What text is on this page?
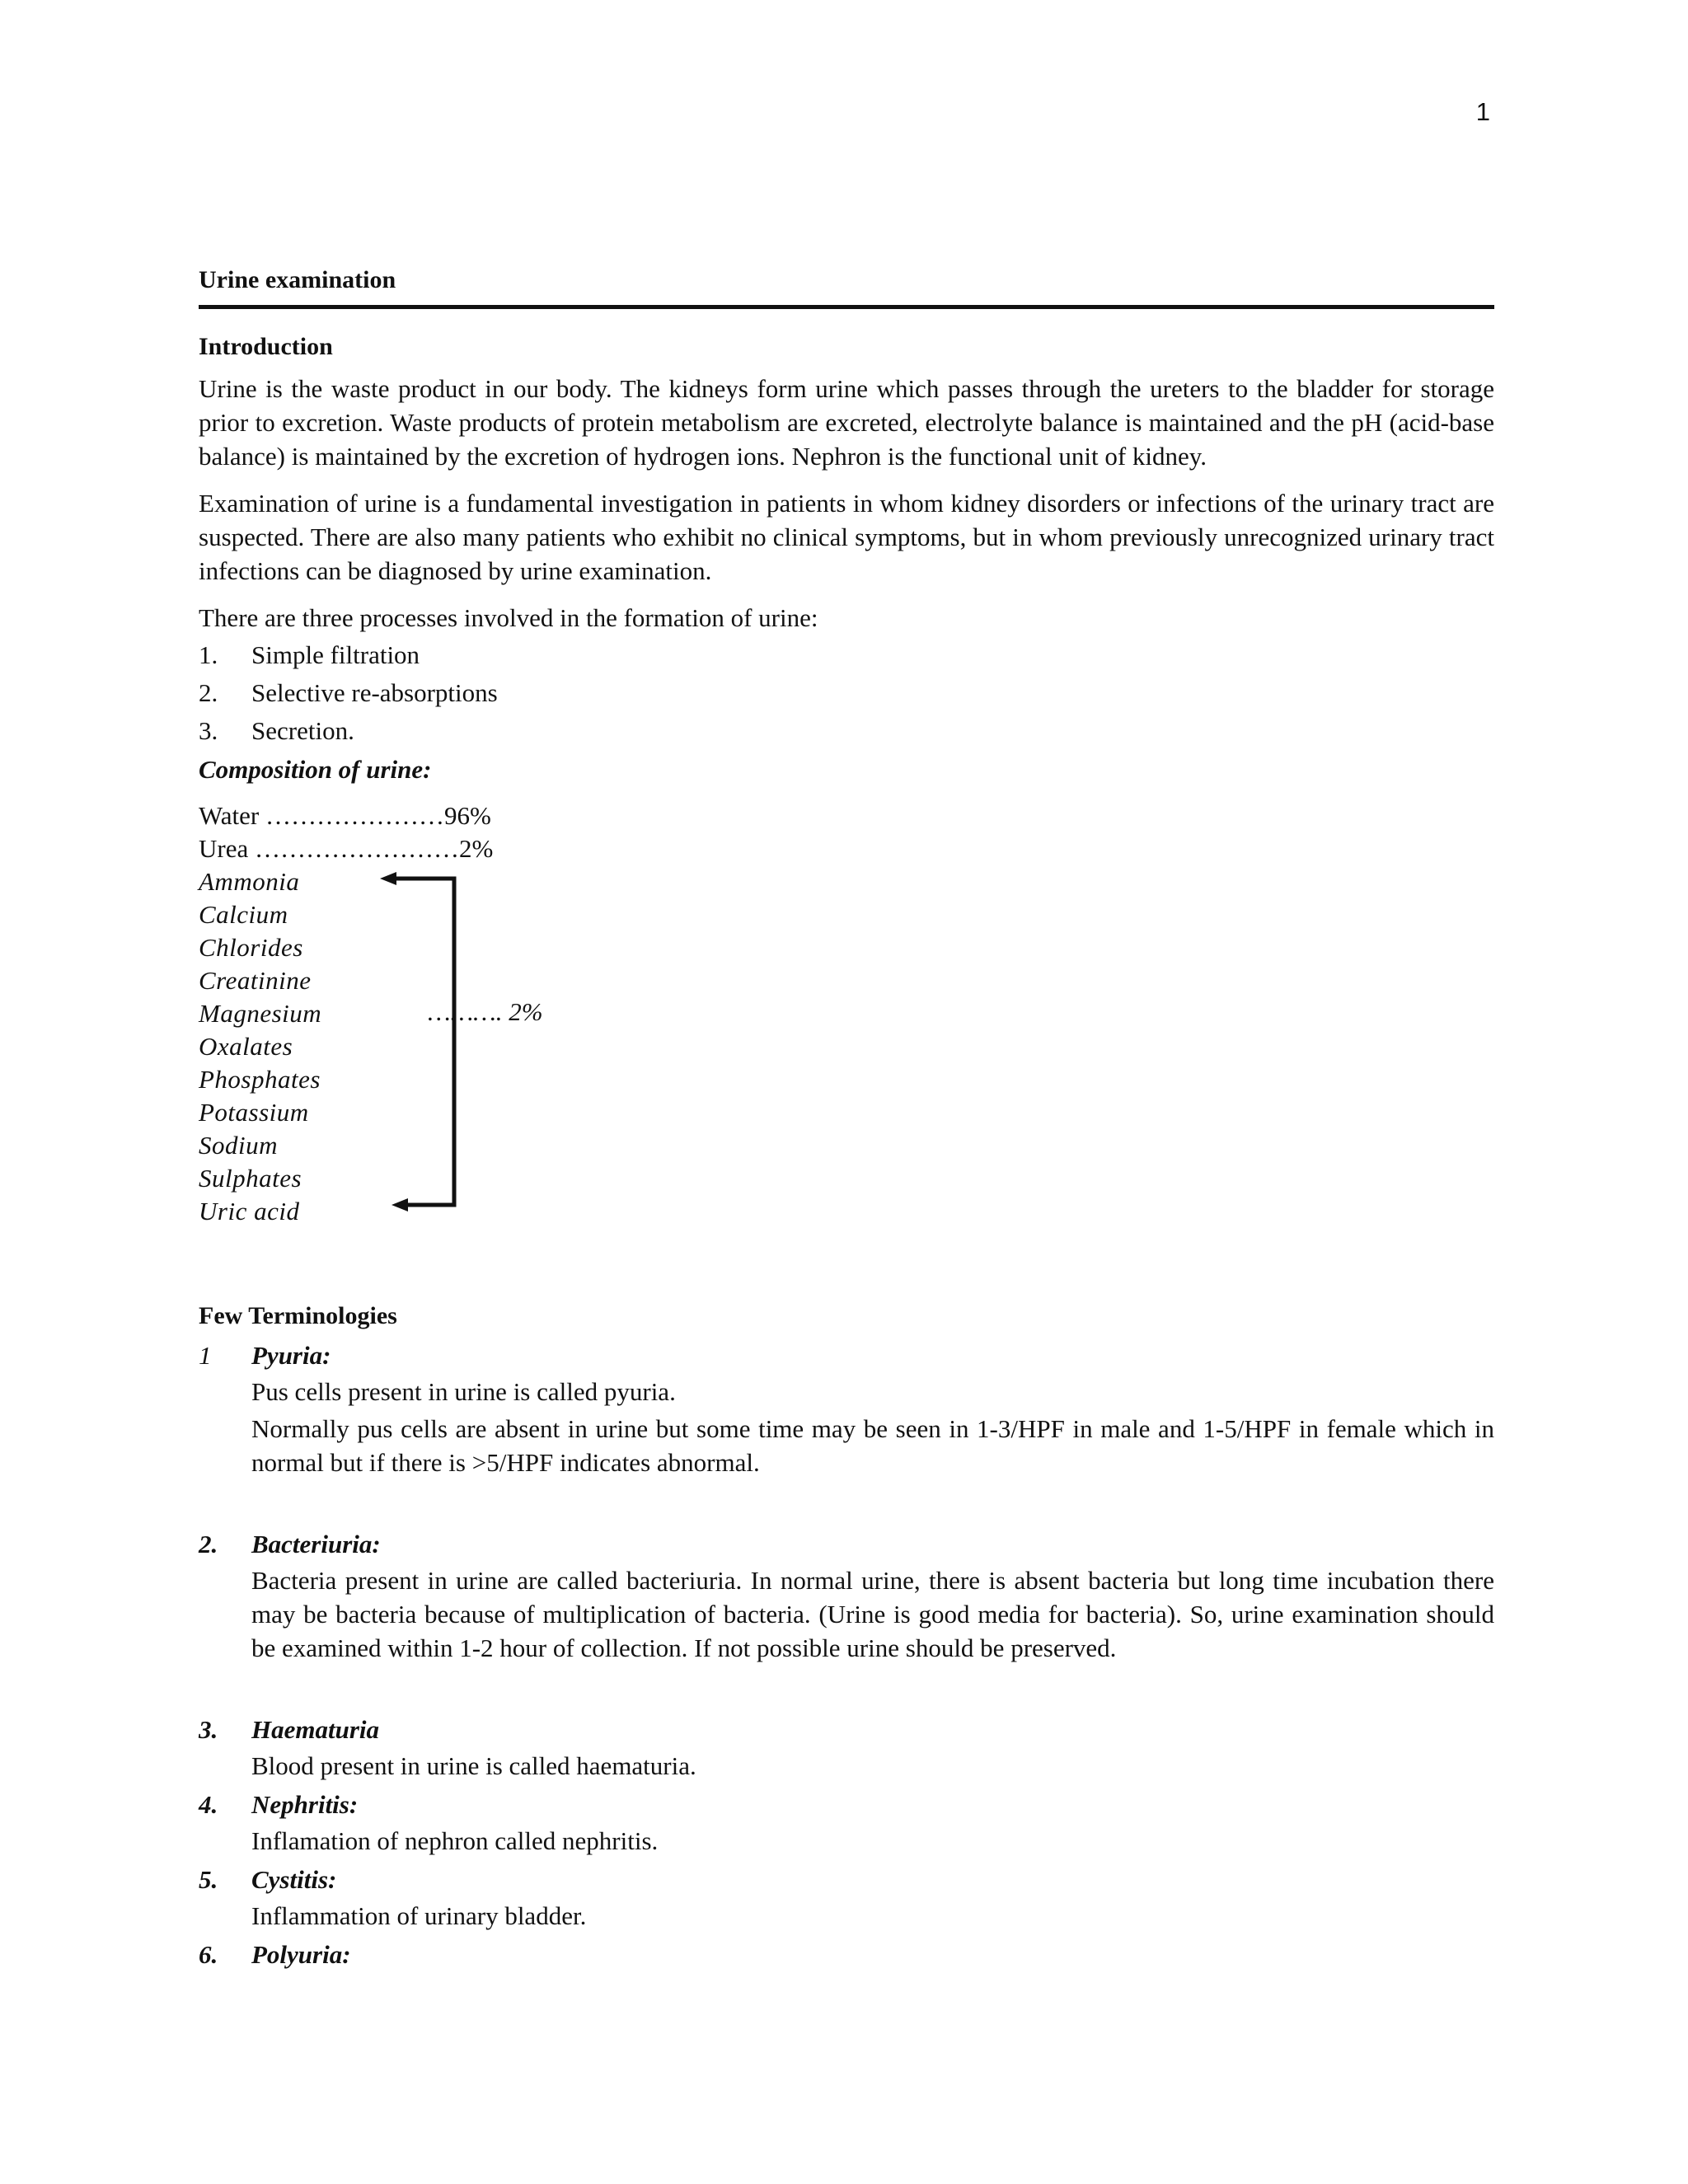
1
Urine examination
Introduction

Urine is the waste product in our body. The kidneys form urine which passes through the ureters to the bladder for storage prior to excretion. Waste products of protein metabolism are excreted, electrolyte balance is maintained and the pH (acid-base balance) is maintained by the excretion of hydrogen ions. Nephron is the functional unit of kidney.

Examination of urine is a fundamental investigation in patients in whom kidney disorders or infections of the urinary tract are suspected. There are also many patients who exhibit no clinical symptoms, but in whom previously unrecognized urinary tract infections can be diagnosed by urine examination.

There are three processes involved in the formation of urine:

1.	Simple filtration
2.	Selective re-absorptions
3.	Secretion.
Composition of urine:
Water …………………96%
Urea ……………………2%
Ammonia
Calcium
Chlorides
Creatinine
Magnesium
Oxalates
Phosphates
Potassium
Sodium
Sulphates
Uric acid
………. 2%
Few Terminologies
1	Pyuria:

Pus cells present in urine is called pyuria.

Normally pus cells are absent in urine but some time may be seen in 1-3/HPF in male and 1-5/HPF in female which in normal but if there is >5/HPF indicates abnormal.

2.	Bacteriuria:

Bacteria present in urine are called bacteriuria. In normal urine, there is absent bacteria but long time incubation there may be bacteria because of multiplication of bacteria. (Urine is good media for bacteria). So, urine examination should be examined within 1-2 hour of collection. If not possible urine should be preserved.

3.	Haematuria

Blood present in urine is called haematuria.

4.	Nephritis:

Inflamation of nephron called nephritis.

5.	Cystitis:

Inflammation of urinary bladder.

6.	Polyuria:
